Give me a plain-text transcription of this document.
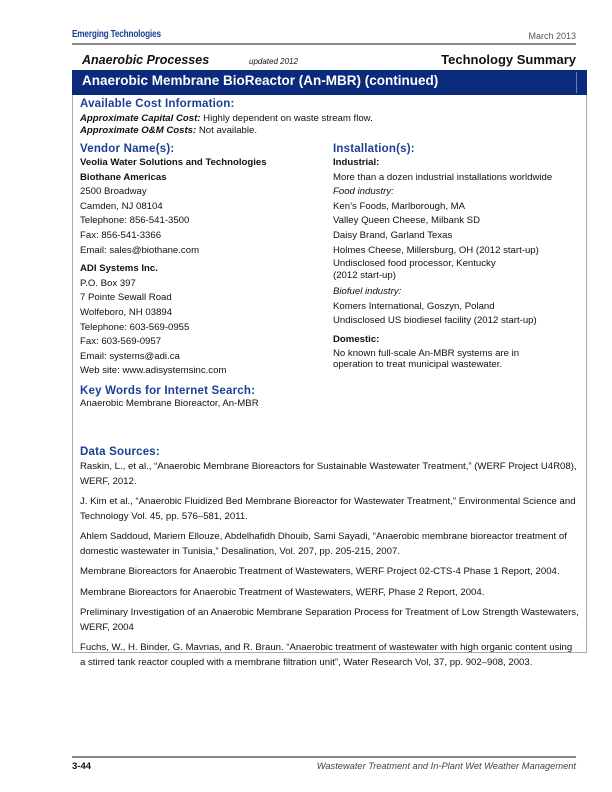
Emerging Technologies	March 2013
Anaerobic Processes	updated 2012	Technology Summary
Anaerobic Membrane BioReactor (An-MBR) (continued)
Available Cost Information:
Approximate Capital Cost: Highly dependent on waste stream flow.
Approximate O&M Costs: Not available.
Vendor Name(s):
Veolia Water Solutions and Technologies
Biothane Americas
2500 Broadway
Camden, NJ 08104
Telephone: 856-541-3500
Fax: 856-541-3366
Email: sales@biothane.com
ADI Systems Inc.
P.O. Box 397
7 Pointe Sewall Road
Wolfeboro, NH 03894
Telephone: 603-569-0955
Fax: 603-569-0957
Email: systems@adi.ca
Web site: www.adisystemsinc.com
Key Words for Internet Search:
Anaerobic Membrane Bioreactor, An-MBR
Installation(s):
Industrial:
More than a dozen industrial installations worldwide
Food industry:
Ken’s Foods, Marlborough, MA
Valley Queen Cheese, Milbank SD
Daisy Brand, Garland Texas
Holmes Cheese, Millersburg, OH (2012 start-up)
Undisclosed food processor, Kentucky
(2012 start-up)
Biofuel industry:
Komers International, Goszyn, Poland
Undisclosed US biodiesel facility (2012 start-up)
Domestic:
No known full-scale An-MBR systems are in
operation to treat municipal wastewater.
Data Sources:

Raskin, L., et al., “Anaerobic Membrane Bioreactors for Sustainable Wastewater Treatment,” (WERF Project U4R08), WERF, 2012.

J. Kim et al., “Anaerobic Fluidized Bed Membrane Bioreactor for Wastewater Treatment,” Environmental Science and Technology Vol. 45, pp. 576–581, 2011.

Ahlem Saddoud, Mariem Ellouze, Abdelhafidh Dhouib, Sami Sayadi, “Anaerobic membrane bioreactor treatment of domestic wastewater in Tunisia,” Desalination, Vol. 207, pp. 205-215, 2007.

Membrane Bioreactors for Anaerobic Treatment of Wastewaters, WERF Project 02-CTS-4 Phase 1 Report, 2004.

Membrane Bioreactors for Anaerobic Treatment of Wastewaters, WERF, Phase 2 Report, 2004.

Preliminary Investigation of an Anaerobic Membrane Separation Process for Treatment of Low Strength Wastewaters, WERF, 2004

Fuchs, W., H. Binder, G. Mavrias, and R. Braun. “Anaerobic treatment of wastewater with high organic content using a stirred tank reactor coupled with a membrane filtration unit”, Water Research Vol, 37, pp. 902–908, 2003.

3-44	Wastewater Treatment and In-Plant Wet Weather Management
